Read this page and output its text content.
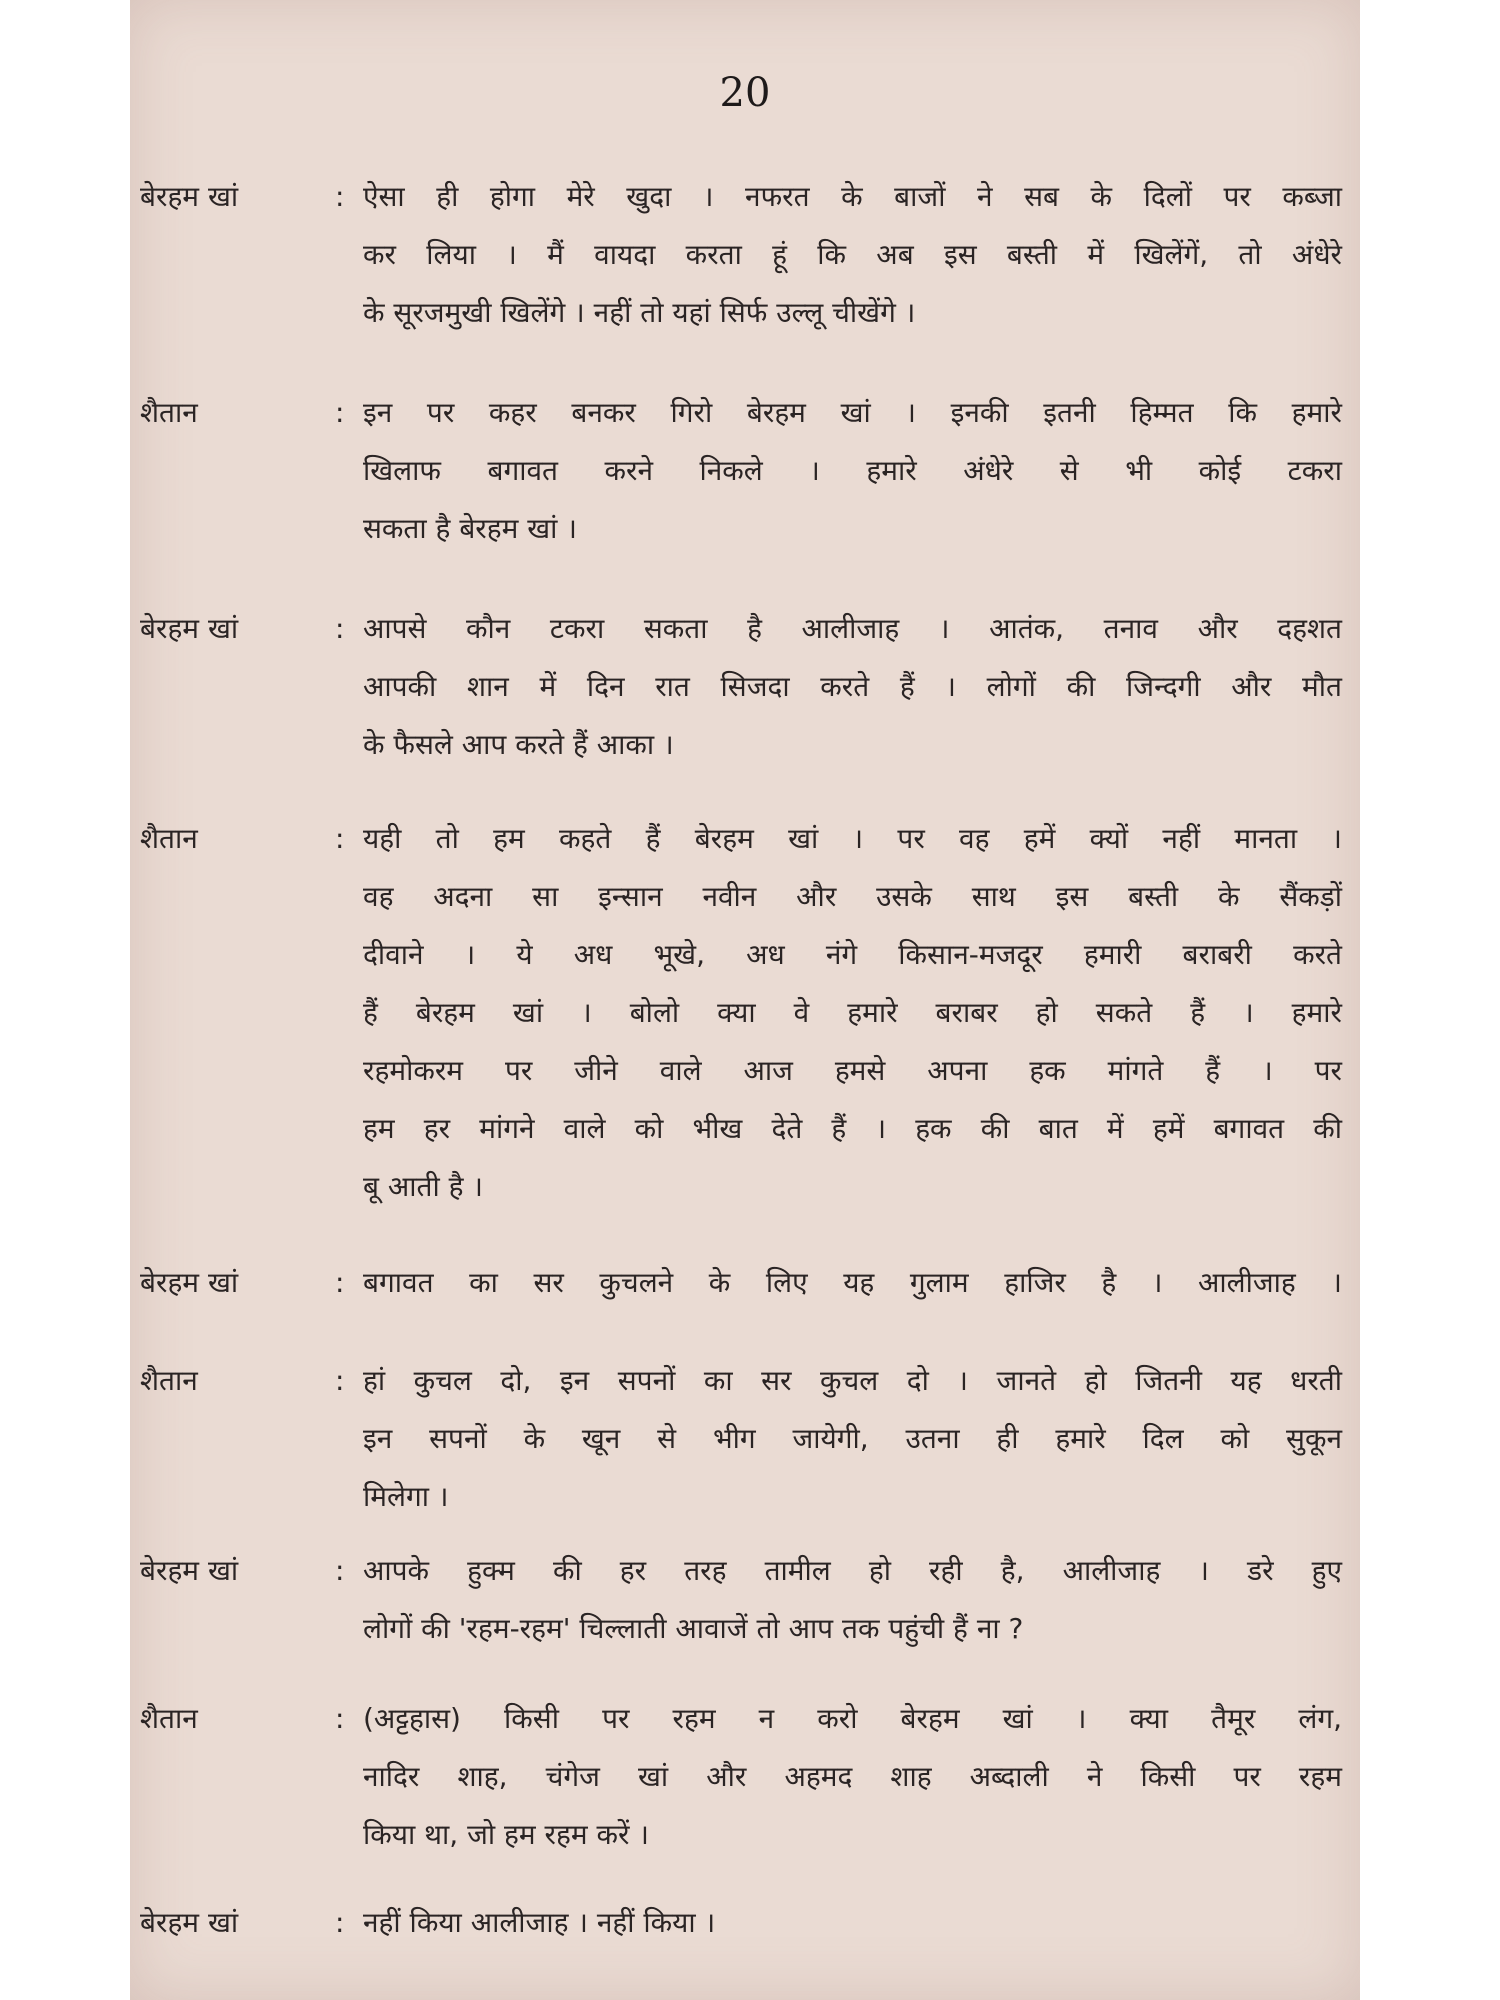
20
बेरहम खां	: ऐसा ही होगा मेरे खुदा । नफरत के बाजों ने सब के दिलों पर कब्जा
कर लिया । मैं वायदा करता हूं कि अब इस बस्ती में खिलेंगें, तो अंधेरे
के सूरजमुखी खिलेंगे । नहीं तो यहां सिर्फ उल्लू चीखेंगे ।
शैतान	: इन पर कहर बनकर गिरो बेरहम खां । इनकी इतनी हिम्मत कि हमारे
खिलाफ बगावत करने निकले । हमारे अंधेरे से भी कोई टकरा
सकता है बेरहम खां ।
बेरहम खां	: आपसे कौन टकरा सकता है आलीजाह । आतंक, तनाव और दहशत
आपकी शान में दिन रात सिजदा करते हैं । लोगों की जिन्दगी और मौत
के फैसले आप करते हैं आका ।
शैतान	: यही तो हम कहते हैं बेरहम खां । पर वह हमें क्यों नहीं मानता ।
वह अदना सा इन्सान नवीन और उसके साथ इस बस्ती के सैंकड़ों
दीवाने । ये अध भूखे, अध नंगे किसान-मजदूर हमारी बराबरी करते
हैं बेरहम खां । बोलो क्या वे हमारे बराबर हो सकते हैं । हमारे
रहमोकरम पर जीने वाले आज हमसे अपना हक मांगते हैं । पर
हम हर मांगने वाले को भीख देते हैं । हक की बात में हमें बगावत की
बू आती है ।
बेरहम खां	: बगावत का सर कुचलने के लिए यह गुलाम हाजिर है । आलीजाह ।
शैतान	: हां कुचल दो, इन सपनों का सर कुचल दो । जानते हो जितनी यह धरती
इन सपनों के खून से भीग जायेगी, उतना ही हमारे दिल को सुकून
मिलेगा ।
बेरहम खां	: आपके हुक्म की हर तरह तामील हो रही है, आलीजाह । डरे हुए
लोगों की 'रहम-रहम' चिल्लाती आवाजें तो आप तक पहुंची हैं ना ?
शैतान	: (अट्टहास) किसी पर रहम न करो बेरहम खां । क्या तैमूर लंग,
नादिर शाह, चंगेज खां और अहमद शाह अब्दाली ने किसी पर रहम
किया था, जो हम रहम करें ।
बेरहम खां	: नहीं किया आलीजाह । नहीं किया ।
